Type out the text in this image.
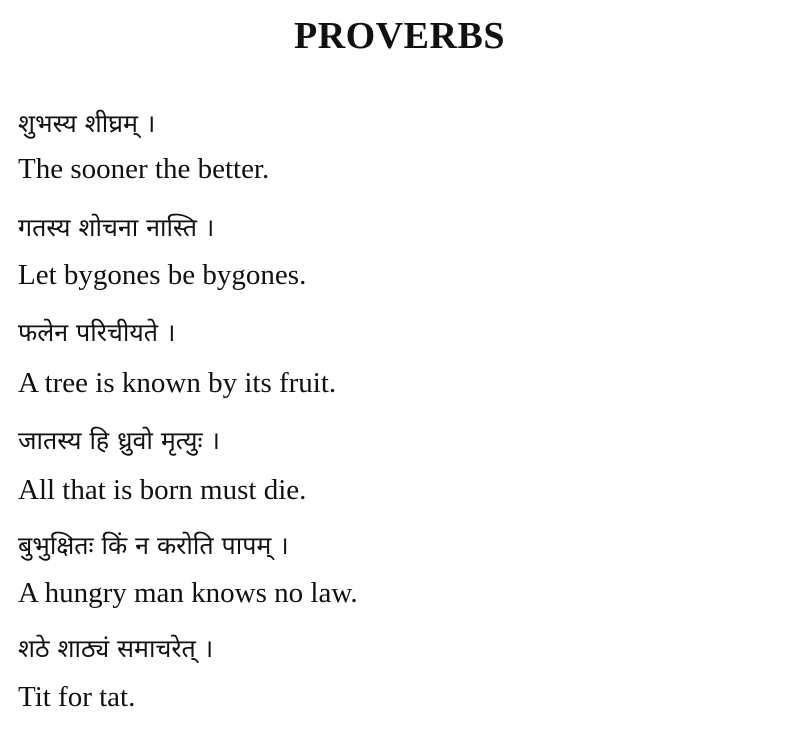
PROVERBS
शुभस्य शीघ्रम् ।
The sooner the better.
गतस्य शोचना नास्ति ।
Let bygones be bygones.
फलेन परिचीयते ।
A tree is known by its fruit.
जातस्य हि ध्रुवो मृत्युः ।
All that is born must die.
बुभुक्षितः किं न करोति पापम् ।
A hungry man knows no law.
शठे शाठ्यं समाचरेत् ।
Tit for tat.
